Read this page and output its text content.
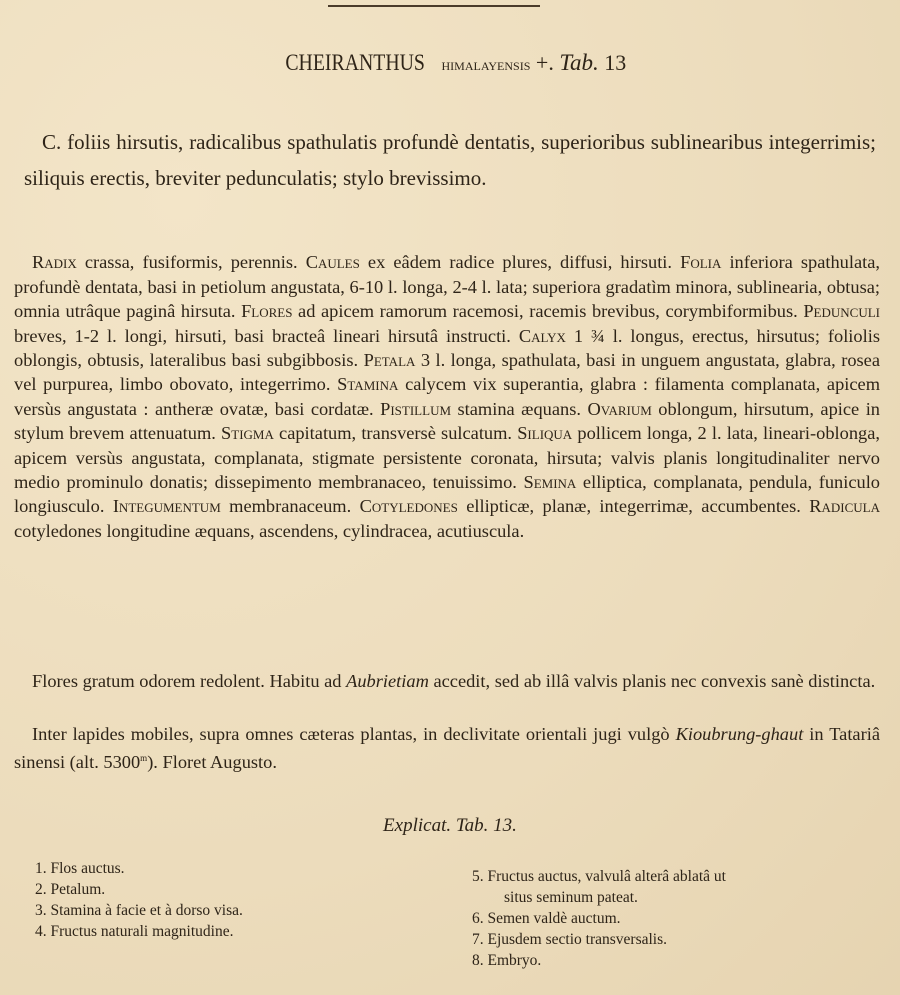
CHEIRANTHUS himalayensis +. Tab. 13

C. foliis hirsutis, radicalibus spathulatis profundè dentatis, superioribus sublinearibus integerrimis; siliquis erectis, breviter pedunculatis; stylo brevissimo.

Radix crassa, fusiformis, perennis. Caules ex eâdem radice plures, diffusi, hirsuti. Folia inferiora spathulata, profundè dentata, basi in petiolum angustata, 6-10 l. longa, 2-4 l. lata; superiora gradatìm minora, sublinearia, obtusa; omnia utrâque paginâ hirsuta. Flores ad apicem ramorum racemosi, racemis brevibus, corymbiformibus. Pedunculi breves, 1-2 l. longi, hirsuti, basi bracteâ lineari hirsutâ instructi. Calyx 1 ¾ l. longus, erectus, hirsutus; foliolis oblongis, obtusis, lateralibus basi subgibbosis. Petala 3 l. longa, spathulata, basi in unguem angustata, glabra, rosea vel purpurea, limbo obovato, integerrimo. Stamina calycem vix superantia, glabra : filamenta complanata, apicem versùs angustata : antheræ ovatæ, basi cordatæ. Pistillum stamina æquans. Ovarium oblongum, hirsutum, apice in stylum brevem attenuatum. Stigma capitatum, transversè sulcatum. Siliqua pollicem longa, 2 l. lata, lineari-oblonga, apicem versùs angustata, complanata, stigmate persistente coronata, hirsuta; valvis planis longitudinaliter nervo medio prominulo donatis; dissepimento membranaceo, tenuissimo. Semina elliptica, complanata, pendula, funiculo longiusculo. Integumentum membranaceum. Cotyledones ellipticæ, planæ, integerrimæ, accumbentes. Radicula cotyledones longitudine æquans, ascendens, cylindracea, acutiuscula.

Flores gratum odorem redolent. Habitu ad Aubrietiam accedit, sed ab illâ valvis planis nec convexis sanè distincta.

Inter lapides mobiles, supra omnes cæteras plantas, in declivitate orientali jugi vulgò Kioubrung-ghaut in Tatariâ sinensi (alt. 5300$^m$). Floret Augusto.

Explicat. Tab. 13.
1. Flos auctus.
2. Petalum.
3. Stamina à facie et à dorso visa.
4. Fructus naturali magnitudine.
5. Fructus auctus, valvulâ alterâ ablatâ ut
situs seminum pateat.
6. Semen valdè auctum.
7. Ejusdem sectio transversalis.
8. Embryo.
